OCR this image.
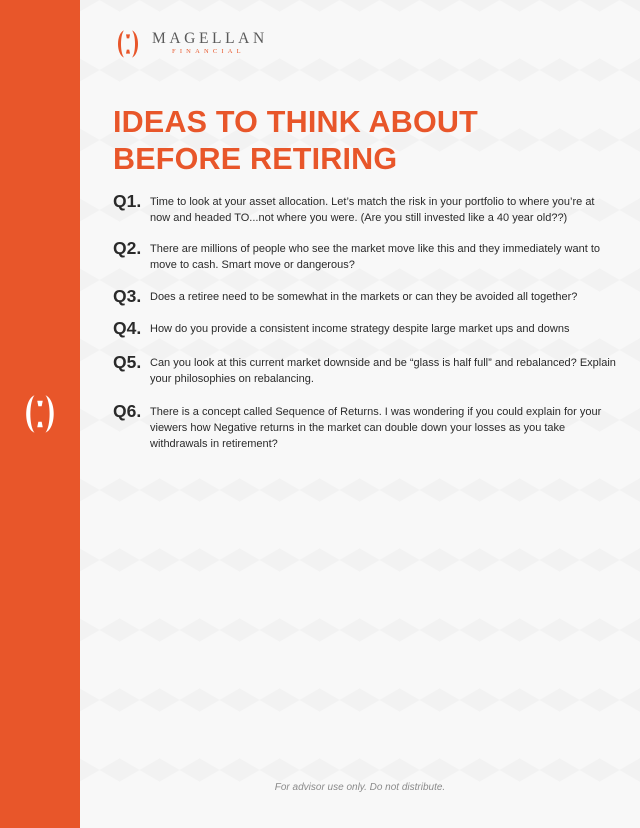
MAGELLAN
FINANCIAL
IDEAS TO THINK ABOUT
BEFORE RETIRING
Q1. Time to look at your asset allocation. Let’s match the risk in your portfolio to where you’re at now and headed TO...not where you were. (Are you still invested like a 40 year old??)
Q2. There are millions of people who see the market move like this and they immediately want to move to cash. Smart move or dangerous?
Q3. Does a retiree need to be somewhat in the markets or can they be avoided all together?
Q4. How do you provide a consistent income strategy despite large market ups and downs
Q5. Can you look at this current market downside and be “glass is half full” and rebalanced? Explain your philosophies on rebalancing.
Q6. There is a concept called Sequence of Returns. I was wondering if you could explain for your viewers how Negative returns in the market can double down your losses as you take withdrawals in retirement?
For advisor use only. Do not distribute.
